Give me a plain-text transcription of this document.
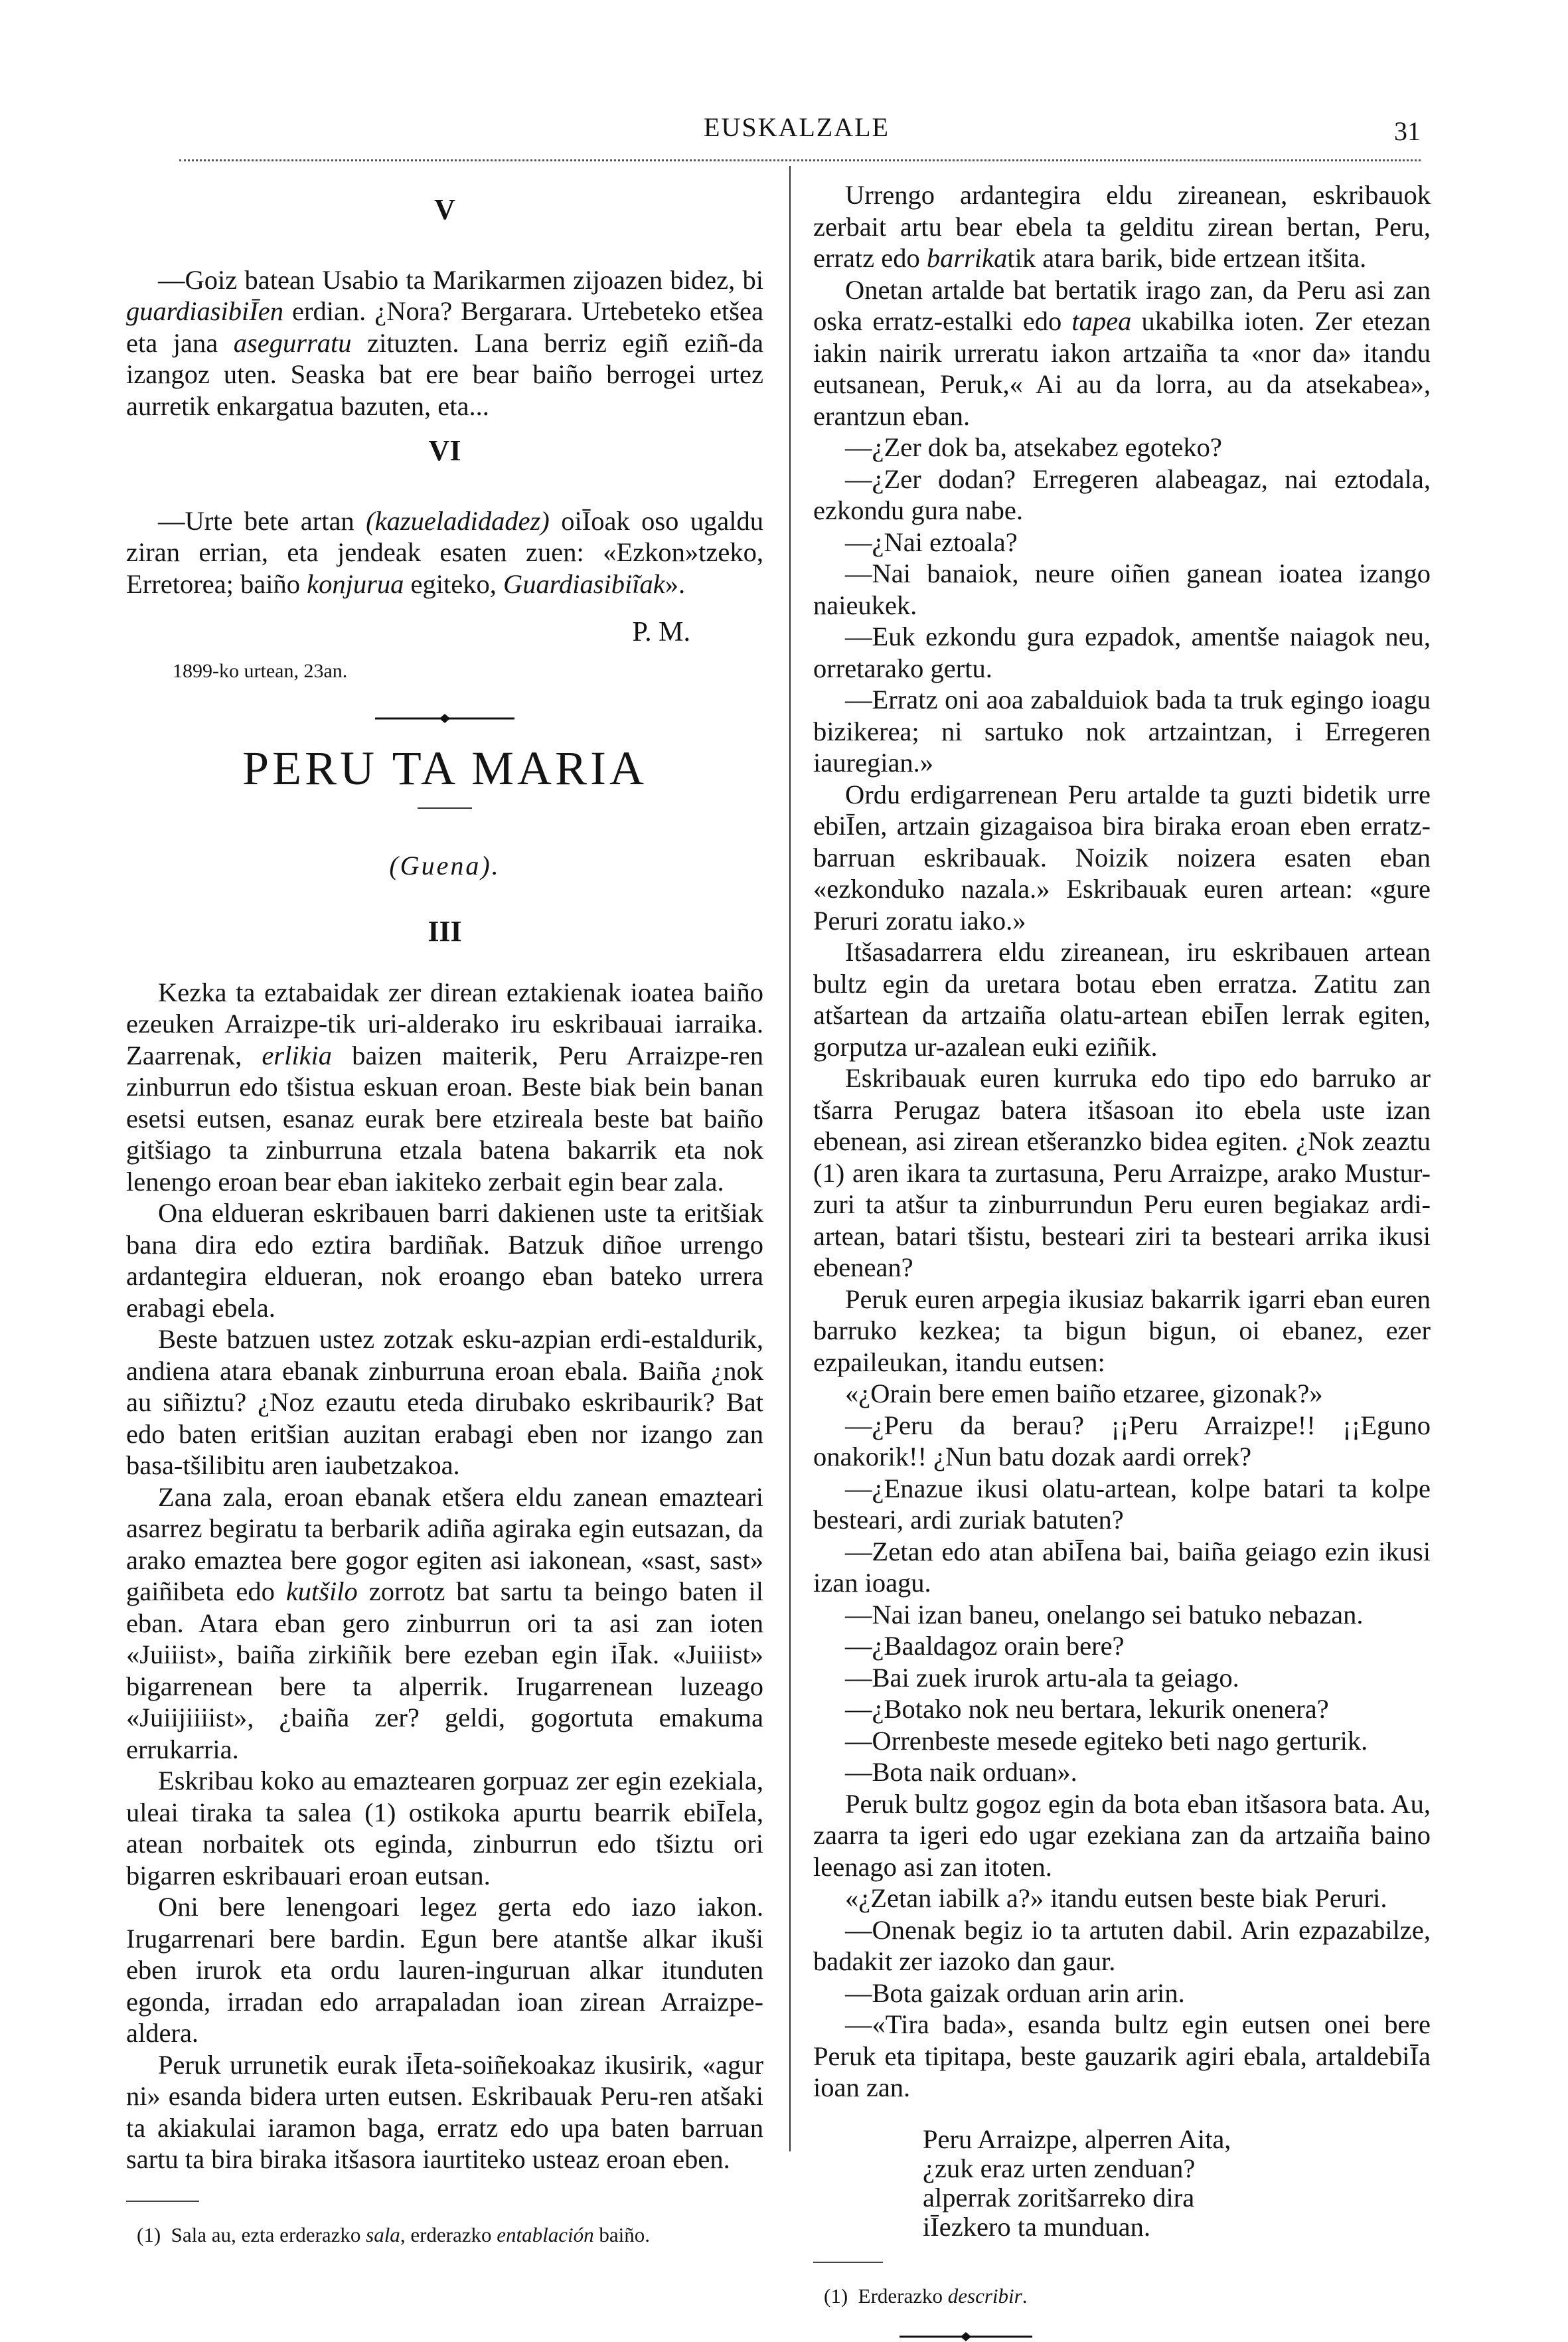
EUSKALZALE	31
V

—Goiz batean Usabio ta Marikarmen zijoazen bidez, bi guardiasibiĪen erdian. ¿Nora? Bergarara. Urtebeteko etšea eta jana asegurratu zituzten. Lana berriz egiñ eziñ-da izangoz uten. Seaska bat ere bear baiño berrogei urtez aurretik enkargatua bazuten, eta...

VI

—Urte bete artan (kazueladidadez) oiĪoak oso ugaldu ziran errian, eta jendeak esaten zuen: «Ezkon»tzeko, Erretorea; baiño konjurua egiteko, Guardiasibiĩak».

P. M.

1899-ko urtean, 23an.

PERU TA MARIA

(Guena).

III

Kezka ta eztabaidak zer direan eztakienak ioatea baiño ezeuken Arraizpe-tik uri-alderako iru eskribauai iarraika. Zaarrenak, erlikia baizen maiterik, Peru Arraizpe-ren zinburrun edo tšistua eskuan eroan. Beste biak bein banan esetsi eutsen, esanaz eurak bere etzireala beste bat baiño gitšiago ta zinburruna etzala batena bakarrik eta nok lenengo eroan bear eban iakiteko zerbait egin bear zala.

Ona eldueran eskribauen barri dakienen uste ta eritšiak bana dira edo eztira bardiñak. Batzuk diñoe urrengo ardantegira eldueran, nok eroango eban bateko urrera erabagi ebela.

Beste batzuen ustez zotzak esku-azpian erdi-estaldurik, andiena atara ebanak zinburruna eroan ebala. Baiña ¿nok au siñiztu? ¿Noz ezautu eteda dirubako eskribaurik? Bat edo baten eritšian auzitan erabagi eben nor izango zan basa-tšilibitu aren iaubetzakoa.

Zana zala, eroan ebanak etšera eldu zanean emazteari asarrez begiratu ta berbarik adiña agiraka egin eutsazan, da arako emaztea bere gogor egiten asi iakonean, «sast, sast» gaiñibeta edo kutšilo zorrotz bat sartu ta beingo baten il eban. Atara eban gero zinburrun ori ta asi zan ioten «Juiiist», baiña zirkiñik bere ezeban egin iĪak. «Juiiist» bigarrenean bere ta alperrik. Irugarrenean luzeago «Juiijiiiist», ¿baiña zer? geldi, gogortuta emakuma errukarria.

Eskribau koko au emaztearen gorpuaz zer egin ezekiala, uleai tiraka ta salea (1) ostikoka apurtu bearrik ebiĪela, atean norbaitek ots eginda, zinburrun edo tšiztu ori bigarren eskribauari eroan eutsan.

Oni bere lenengoari legez gerta edo iazo iakon. Irugarrenari bere bardin. Egun bere atantše alkar ikuši eben irurok eta ordu lauren-inguruan alkar itunduten egonda, irradan edo arrapaladan ioan zirean Arraizpe-aldera.

Peruk urrunetik eurak iĪeta-soiñekoakaz ikusirik, «agur ni» esanda bidera urten eutsen. Eskribauak Peru-ren atšaki ta akiakulai iaramon baga, erratz edo upa baten barruan sartu ta bira biraka itšasora iaurtiteko usteaz eroan eben.

(1) Sala au, ezta erderazko sala, erderazko entablación baiño.

Urrengo ardantegira eldu zireanean, eskribauok zerbait artu bear ebela ta gelditu zirean bertan, Peru, erratz edo barrikatik atara barik, bide ertzean itšita.

Onetan artalde bat bertatik irago zan, da Peru asi zan oska erratz-estalki edo tapea ukabilka ioten. Zer etezan iakin nairik urreratu iakon artzaiña ta «nor da» itandu eutsanean, Peruk,« Ai au da lorra, au da atsekabea», erantzun eban.

—¿Zer dok ba, atsekabez egoteko?

—¿Zer dodan? Erregeren alabeagaz, nai eztodala, ezkondu gura nabe.

—¿Nai eztoala?

—Nai banaiok, neure oiñen ganean ioatea izango naieukek.

—Euk ezkondu gura ezpadok, amentše naiagok neu, orretarako gertu.

—Erratz oni aoa zabalduiok bada ta truk egingo ioagu bizikerea; ni sartuko nok artzaintzan, i Erregeren iauregian.»

Ordu erdigarrenean Peru artalde ta guzti bidetik urre ebiĪen, artzain gizagaisoa bira biraka eroan eben erratz-barruan eskribauak. Noizik noizera esaten eban «ezkonduko nazala.» Eskribauak euren artean: «gure Peruri zoratu iako.»

Itšasadarrera eldu zireanean, iru eskribauen artean bultz egin da uretara botau eben erratza. Zatitu zan atšartean da artzaiña olatu-artean ebiĪen lerrak egiten, gorputza ur-azalean euki eziñik.

Eskribauak euren kurruka edo tipo edo barruko ar tšarra Perugaz batera itšasoan ito ebela uste izan ebenean, asi zirean etšeranzko bidea egiten. ¿Nok zeaztu (1) aren ikara ta zurtasuna, Peru Arraizpe, arako Mustur-zuri ta atšur ta zinburrundun Peru euren begiakaz ardi-artean, batari tšistu, besteari ziri ta besteari arrika ikusi ebenean?

Peruk euren arpegia ikusiaz bakarrik igarri eban euren barruko kezkea; ta bigun bigun, oi ebanez, ezer ezpaileukan, itandu eutsen:

«¿Orain bere emen baiño etzaree, gizonak?»

—¿Peru da berau? ¡¡Peru Arraizpe!! ¡¡Eguno onakorik!! ¿Nun batu dozak aardi orrek?

—¿Enazue ikusi olatu-artean, kolpe batari ta kolpe besteari, ardi zuriak batuten?

—Zetan edo atan abiĪena bai, baiña geiago ezin ikusi izan ioagu.

—Nai izan baneu, onelango sei batuko nebazan.

—¿Baaldagoz orain bere?

—Bai zuek irurok artu-ala ta geiago.

—¿Botako nok neu bertara, lekurik onenera?

—Orrenbeste mesede egiteko beti nago gerturik.

—Bota naik orduan».

Peruk bultz gogoz egin da bota eban itšasora bata. Au, zaarra ta igeri edo ugar ezekiana zan da artzaiña baino leenago asi zan itoten.

«¿Zetan iabilk a?» itandu eutsen beste biak Peruri.

—Onenak begiz io ta artuten dabil. Arin ezpazabilze, badakit zer iazoko dan gaur.

—Bota gaizak orduan arin arin.

—«Tira bada», esanda bultz egin eutsen onei bere Peruk eta tipitapa, beste gauzarik agiri ebala, artaldebiĪa ioan zan.

Peru Arraizpe, alperren Aita,
¿zuk eraz urten zenduan?
alperrak zoritšarreko dira
iĪezkero ta munduan.

(1) Erderazko describir.
